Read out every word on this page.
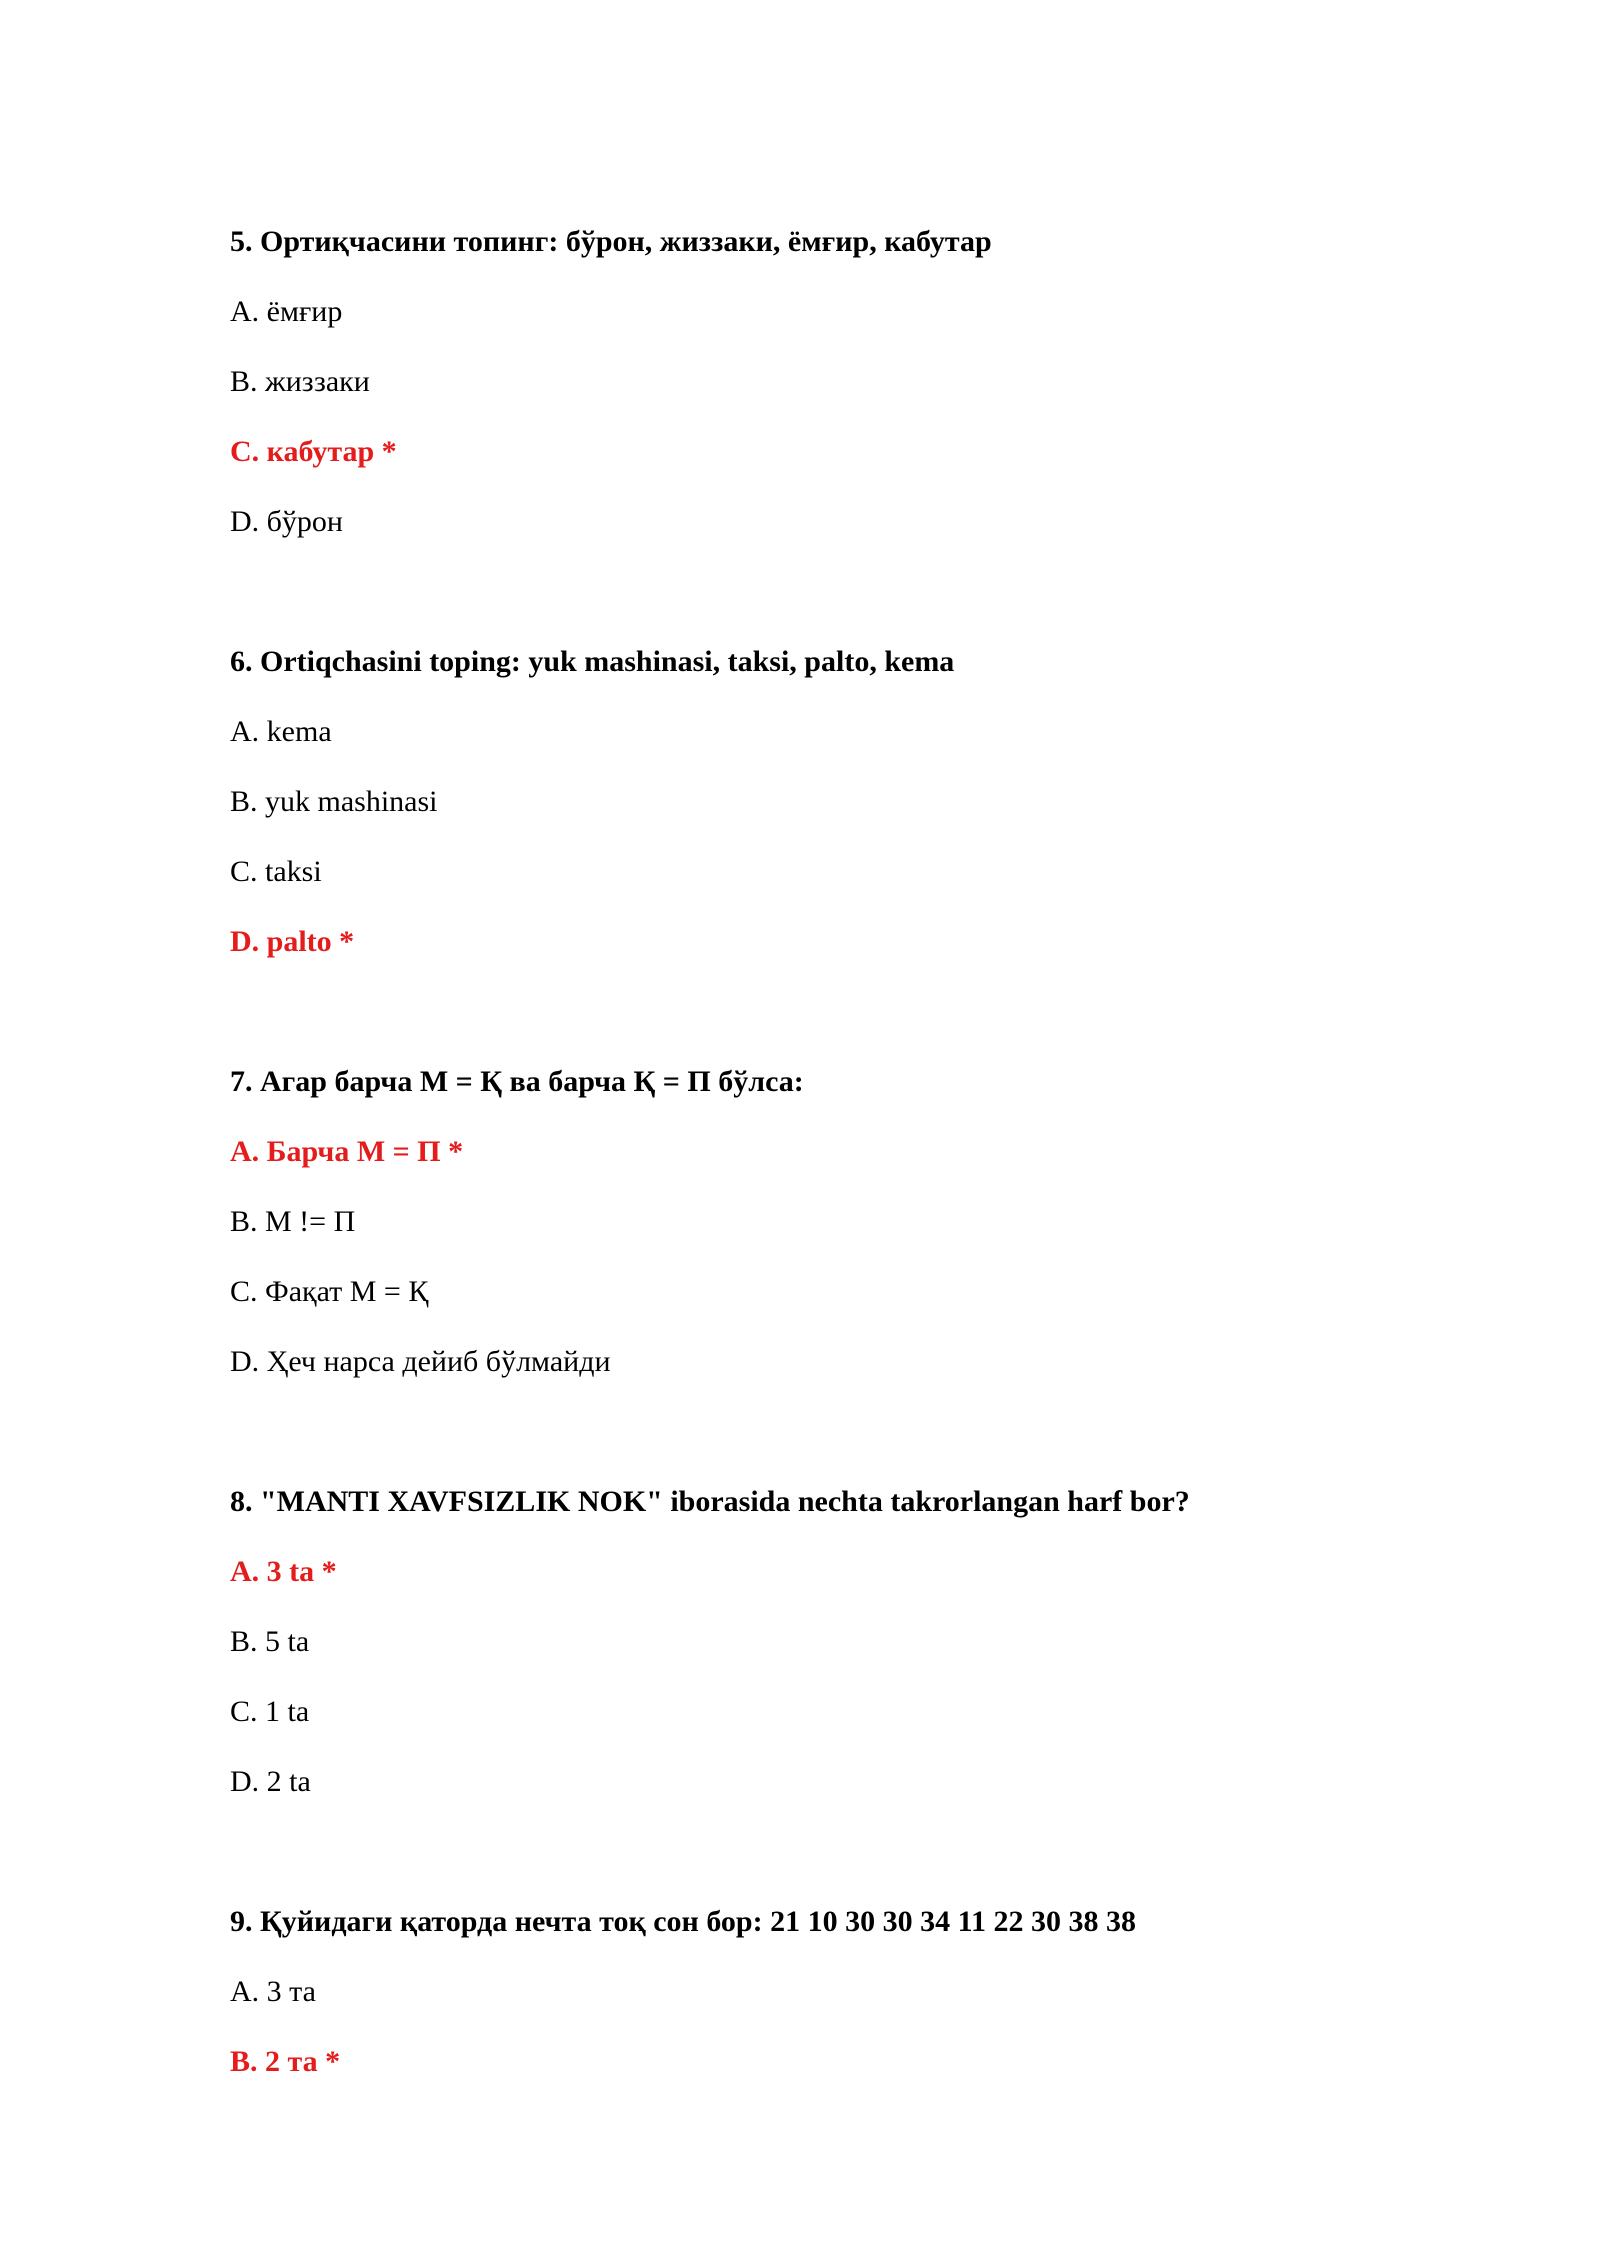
5. Ортиқчасини топинг: бўрон, жиззаки, ёмғир, кабутар
A. ёмғир
B. жиззаки
C. кабутар *
D. бўрон
6. Ortiqchasini toping: yuk mashinasi, taksi, palto, kema
A. kema
B. yuk mashinasi
C. taksi
D. palto *
7. Агар барча М = Қ ва барча Қ = П бўлса:
A. Барча М = П *
B. М != П
C. Фақат М = Қ
D. Ҳеч нарса дейиб бўлмайди
8. "MANTI XAVFSIZLIK NOK" iborasida nechta takrorlangan harf bor?
A. 3 ta *
B. 5 ta
C. 1 ta
D. 2 ta
9. Қуйидаги қаторда нечта тоқ сон бор: 21 10 30 30 34 11 22 30 38 38
A. 3 та
B. 2 та *
